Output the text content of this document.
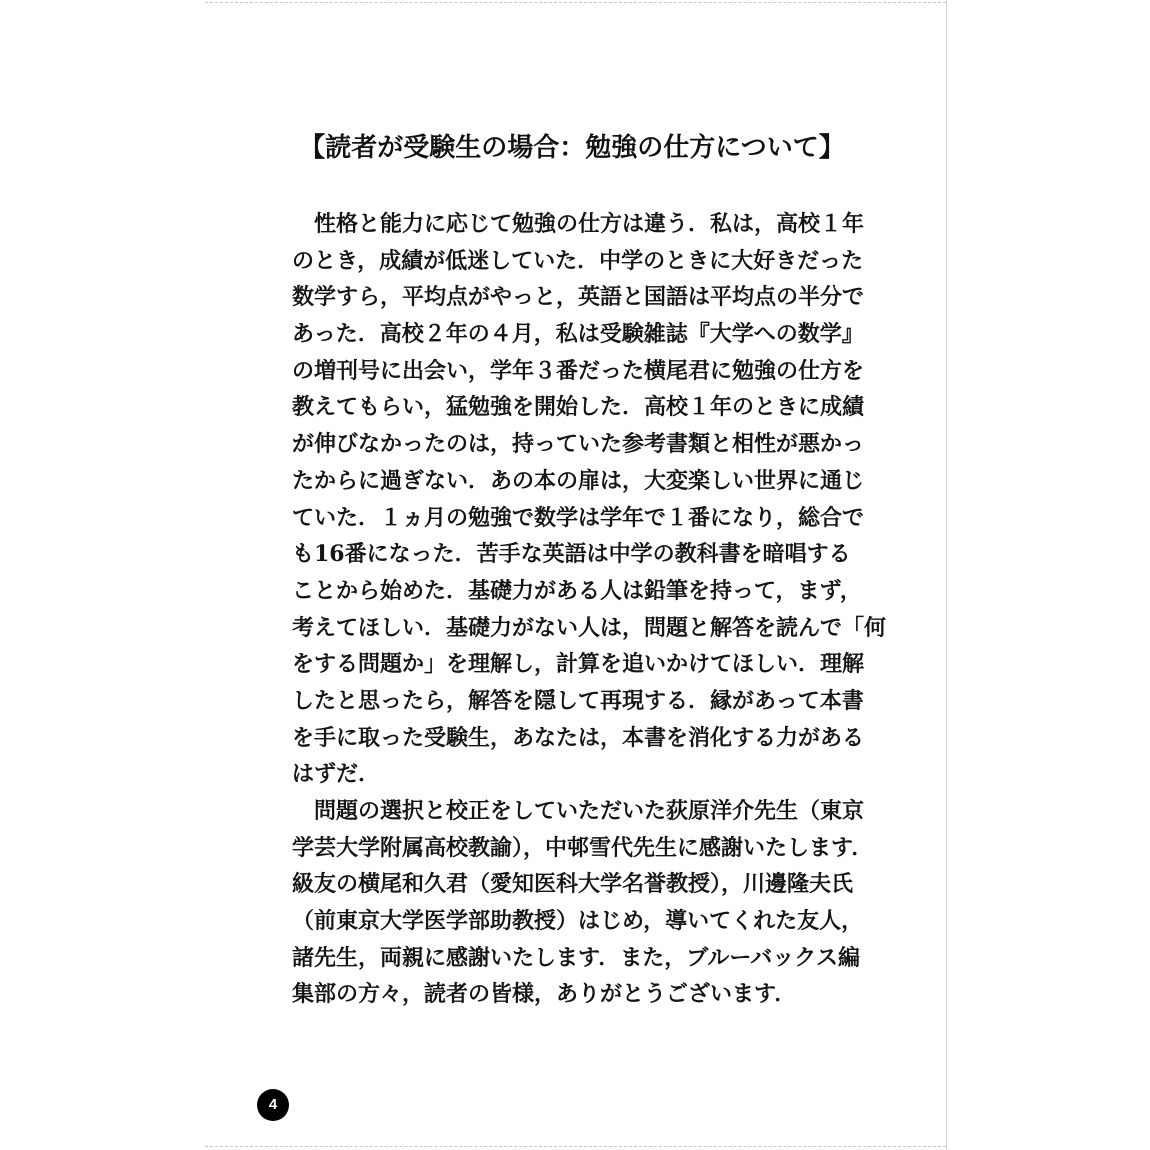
【読者が受験生の場合：勉強の仕方について】
　性格と能力に応じて勉強の仕方は違う．私は，高校１年
のとき，成績が低迷していた．中学のときに大好きだった
数学すら，平均点がやっと，英語と国語は平均点の半分で
あった．高校２年の４月，私は受験雑誌『大学への数学』
の増刊号に出会い，学年３番だった横尾君に勉強の仕方を
教えてもらい，猛勉強を開始した．高校１年のときに成績
が伸びなかったのは，持っていた参考書類と相性が悪かっ
たからに過ぎない．あの本の扉は，大変楽しい世界に通じ
ていた．１ヵ月の勉強で数学は学年で１番になり，総合で
も16番になった．苦手な英語は中学の教科書を暗唱する
ことから始めた．基礎力がある人は鉛筆を持って，まず，
考えてほしい．基礎力がない人は，問題と解答を読んで「何
をする問題か」を理解し，計算を追いかけてほしい．理解
したと思ったら，解答を隠して再現する．縁があって本書
を手に取った受験生，あなたは，本書を消化する力がある
はずだ．
　問題の選択と校正をしていただいた荻原洋介先生（東京
学芸大学附属高校教諭），中邨雪代先生に感謝いたします．
級友の横尾和久君（愛知医科大学名誉教授），川邊隆夫氏
（前東京大学医学部助教授）はじめ，導いてくれた友人，
諸先生，両親に感謝いたします．また，ブルーバックス編
集部の方々，読者の皆様，ありがとうございます．
4
